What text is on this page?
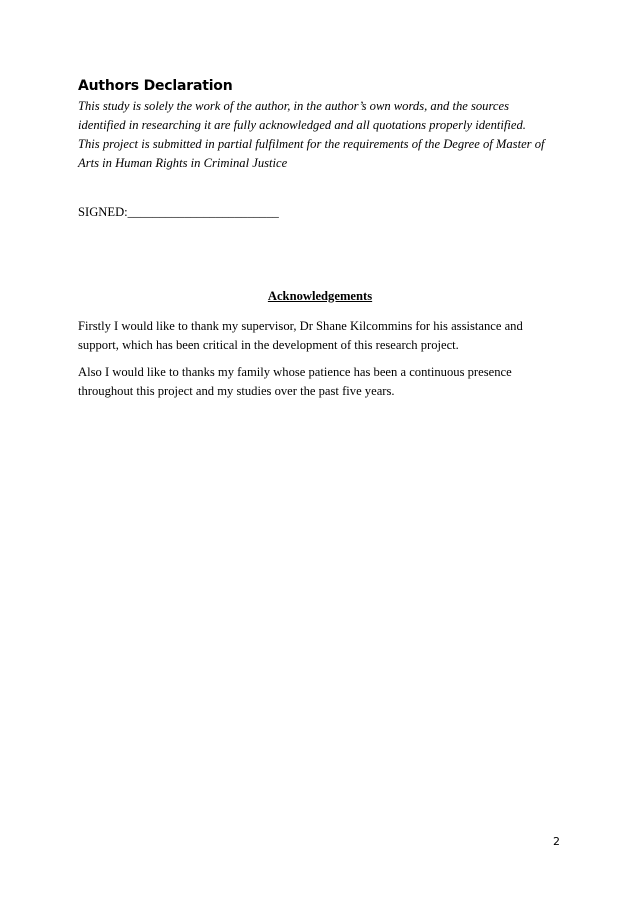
Authors Declaration
This study is solely the work of the author, in the author’s own words, and the sources
identified in researching it are fully acknowledged and all quotations properly identified.
This project is submitted in partial fulfilment for the requirements of the Degree of Master of
Arts in Human Rights in Criminal Justice
SIGNED:________________________
Acknowledgements
Firstly I would like to thank my supervisor, Dr Shane Kilcommins for his assistance and
support, which has been critical in the development of this research project.
Also I would like to thanks my family whose patience has been a continuous presence
throughout this project and my studies over the past five years.
2
